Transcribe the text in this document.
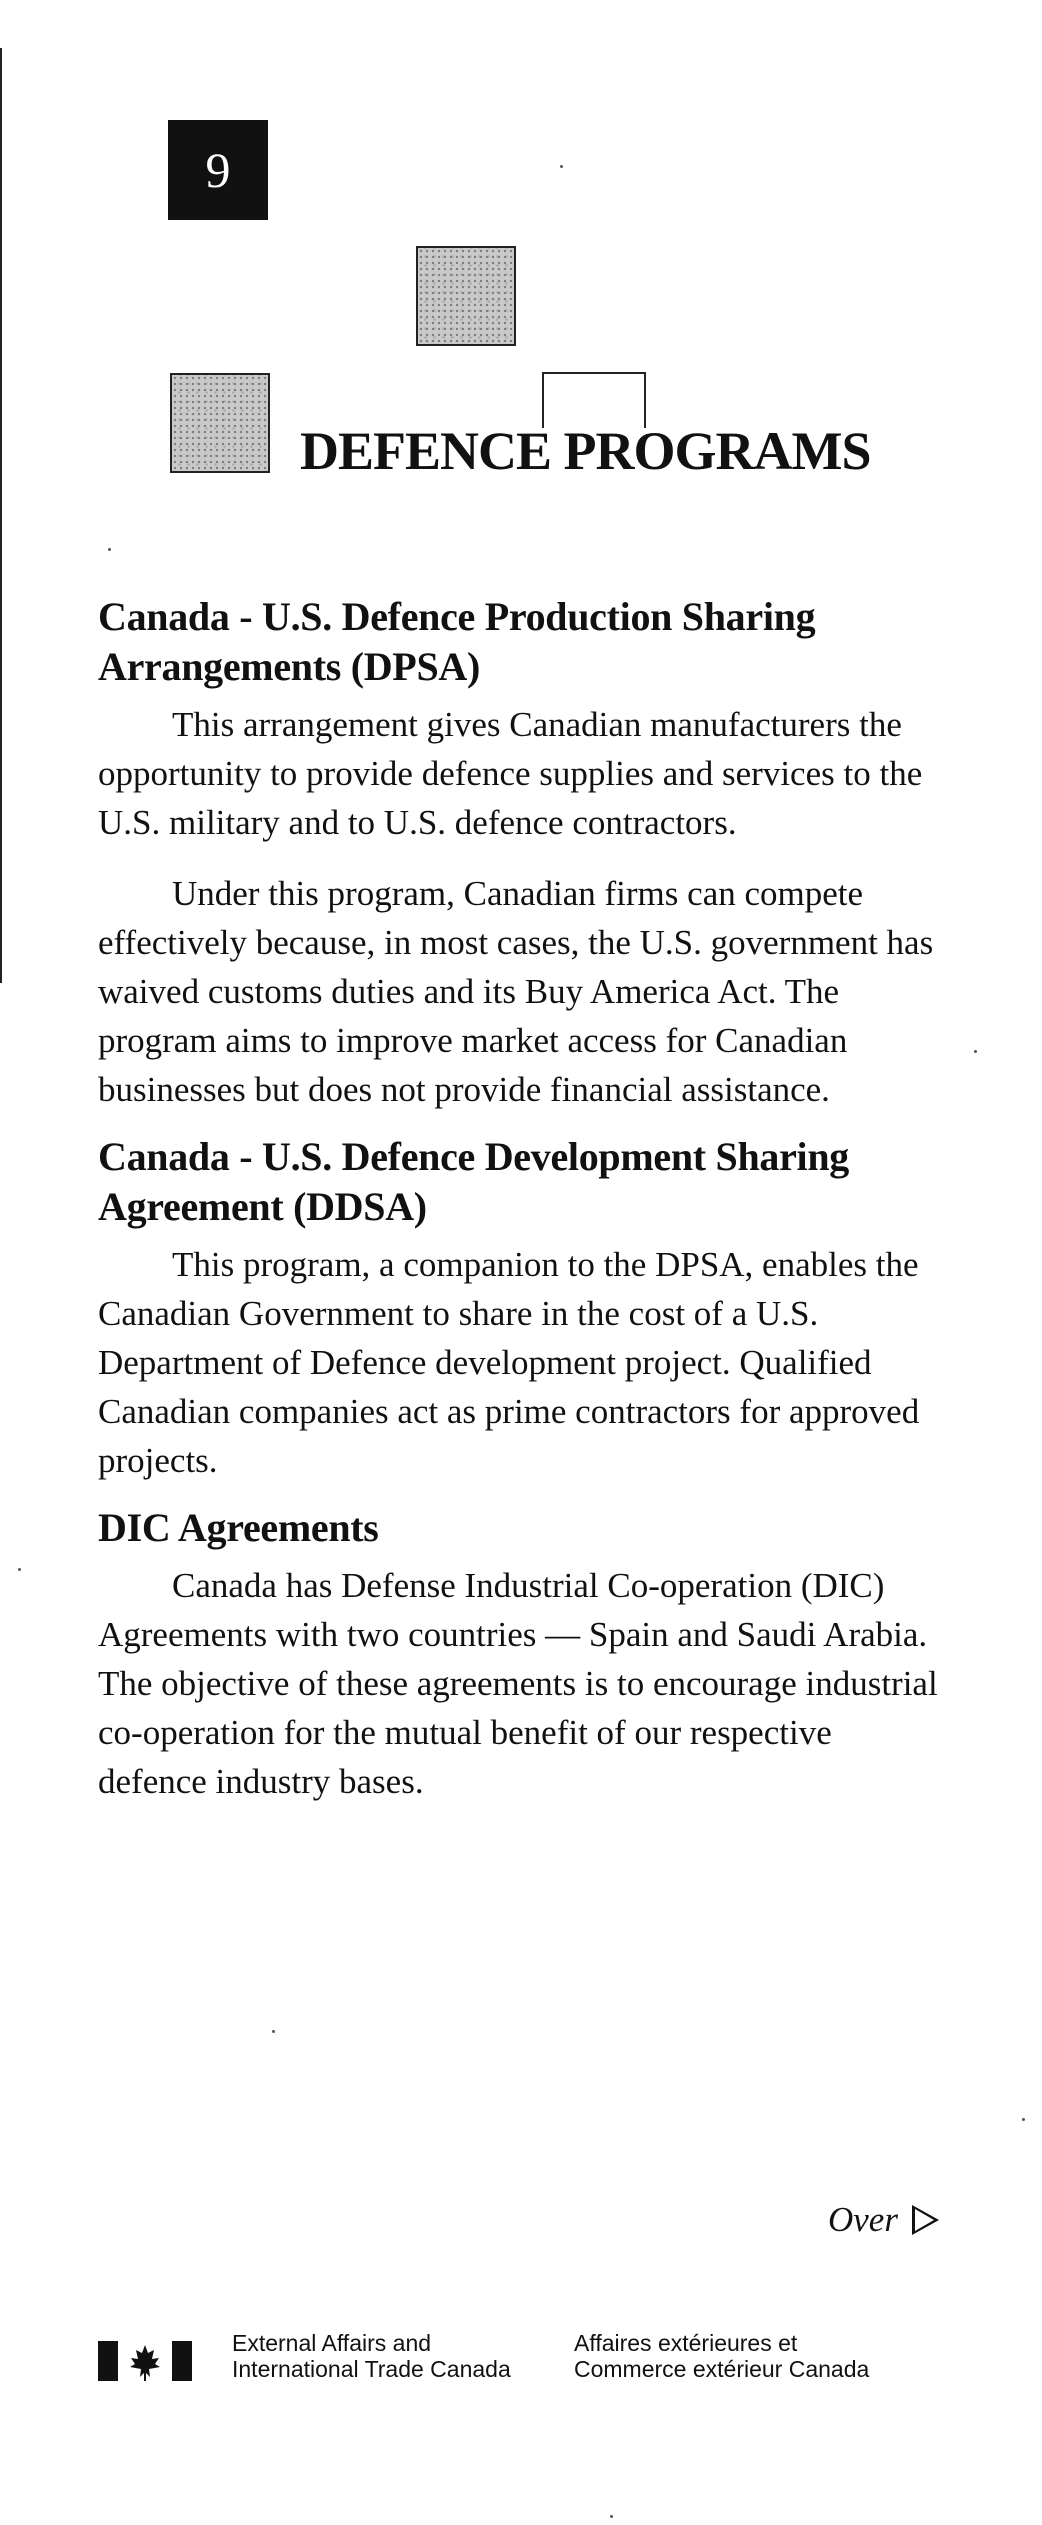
9
DEFENCE PROGRAMS
Canada - U.S. Defence Production Sharing Arrangements (DPSA)

This arrangement gives Canadian manufacturers the opportunity to provide defence supplies and services to the U.S. military and to U.S. defence contractors.

Under this program, Canadian firms can compete effectively because, in most cases, the U.S. government has waived customs duties and its Buy America Act. The program aims to improve market access for Canadian businesses but does not provide financial assistance.

Canada - U.S. Defence Development Sharing Agreement (DDSA)

This program, a companion to the DPSA, enables the Canadian Government to share in the cost of a U.S. Department of Defence development project. Qualified Canadian companies act as prime contractors for approved projects.

DIC Agreements

Canada has Defense Industrial Co-operation (DIC) Agreements with two countries — Spain and Saudi Arabia. The objective of these agreements is to encourage industrial co-operation for the mutual benefit of our respective defence industry bases.

Over
External Affairs and
International Trade Canada
Affaires extérieures et
Commerce extérieur Canada
